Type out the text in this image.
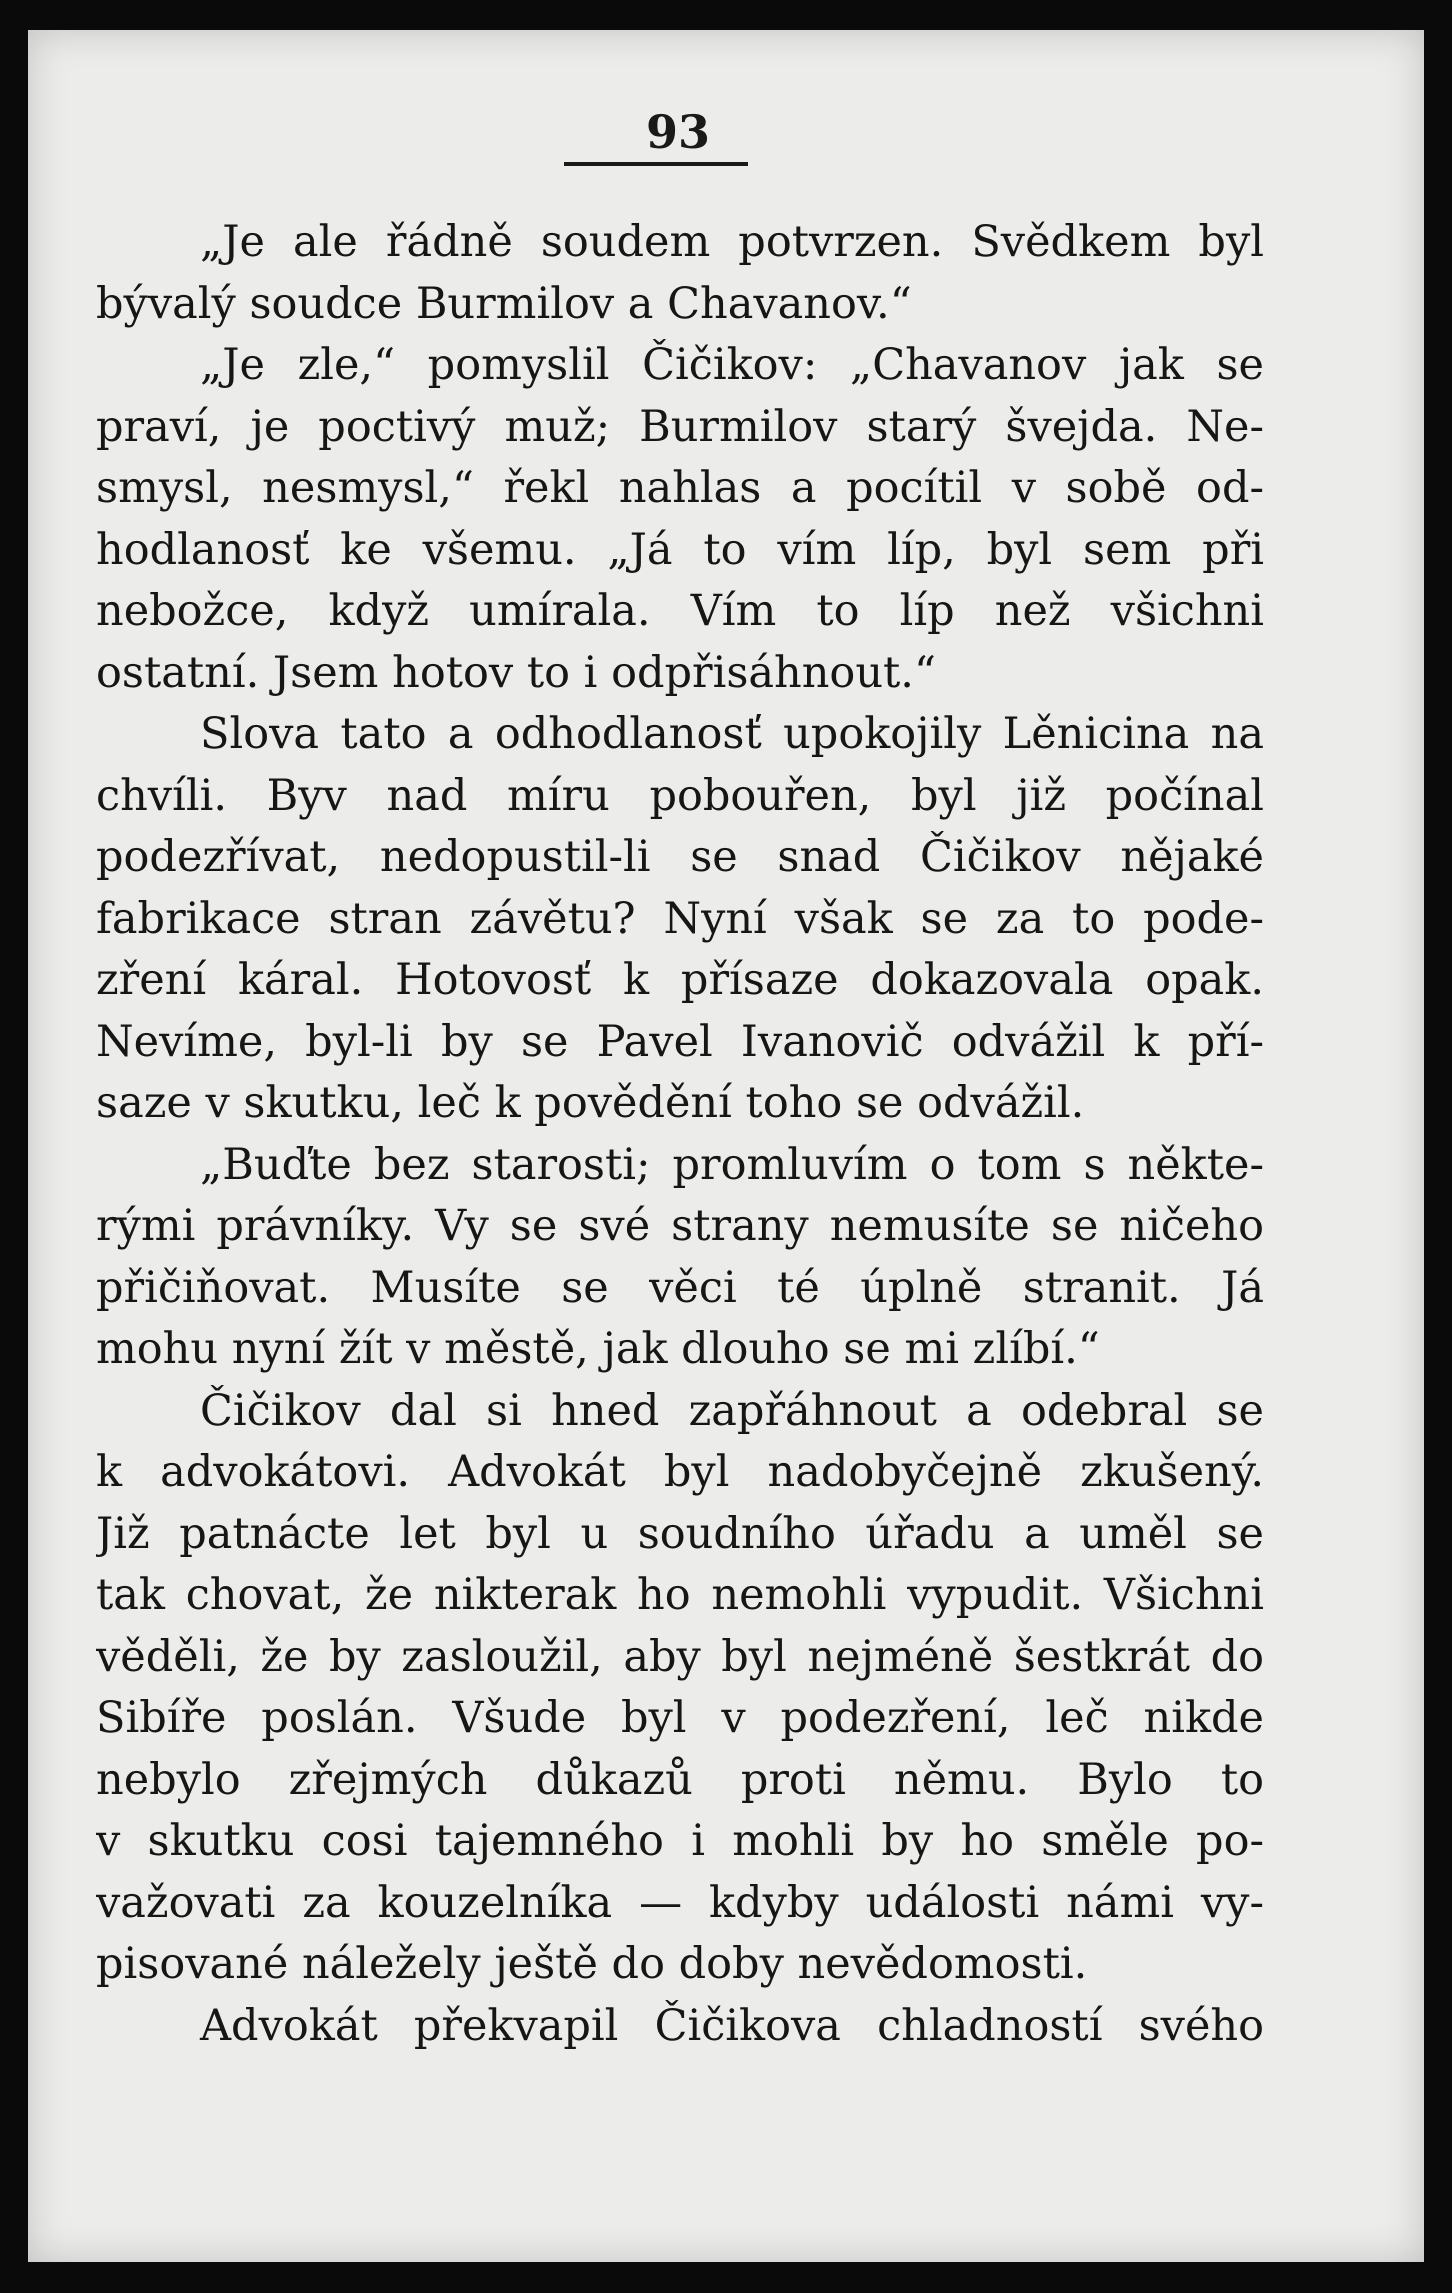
93
„Je ale řádně soudem potvrzen. Svědkem byl
bývalý soudce Burmilov a Chavanov.“
„Je zle,“ pomyslil Čičikov: „Chavanov jak se
praví, je poctivý muž; Burmilov starý švejda. Ne-
smysl, nesmysl,“ řekl nahlas a pocítil v sobě od-
hodlanosť ke všemu. „Já to vím líp, byl sem při
nebožce, když umírala. Vím to líp než všichni
ostatní. Jsem hotov to i odpřisáhnout.“
Slova tato a odhodlanosť upokojily Lěnicina na
chvíli. Byv nad míru pobouřen, byl již počínal
podezřívat, nedopustil-li se snad Čičikov nějaké
fabrikace stran závětu? Nyní však se za to pode-
zření káral. Hotovosť k přísaze dokazovala opak.
Nevíme, byl-li by se Pavel Ivanovič odvážil k pří-
saze v skutku, leč k povědění toho se odvážil.
„Buďte bez starosti; promluvím o tom s někte-
rými právníky. Vy se své strany nemusíte se ničeho
přičiňovat. Musíte se věci té úplně stranit. Já
mohu nyní žít v městě, jak dlouho se mi zlíbí.“
Čičikov dal si hned zapřáhnout a odebral se
k advokátovi. Advokát byl nadobyčejně zkušený.
Již patnácte let byl u soudního úřadu a uměl se
tak chovat, že nikterak ho nemohli vypudit. Všichni
věděli, že by zasloužil, aby byl nejméně šestkrát do
Sibíře poslán. Všude byl v podezření, leč nikde
nebylo zřejmých důkazů proti němu. Bylo to
v skutku cosi tajemného i mohli by ho směle po-
važovati za kouzelníka — kdyby události námi vy-
pisované náležely ještě do doby nevědomosti.
Advokát překvapil Čičikova chladností svého
